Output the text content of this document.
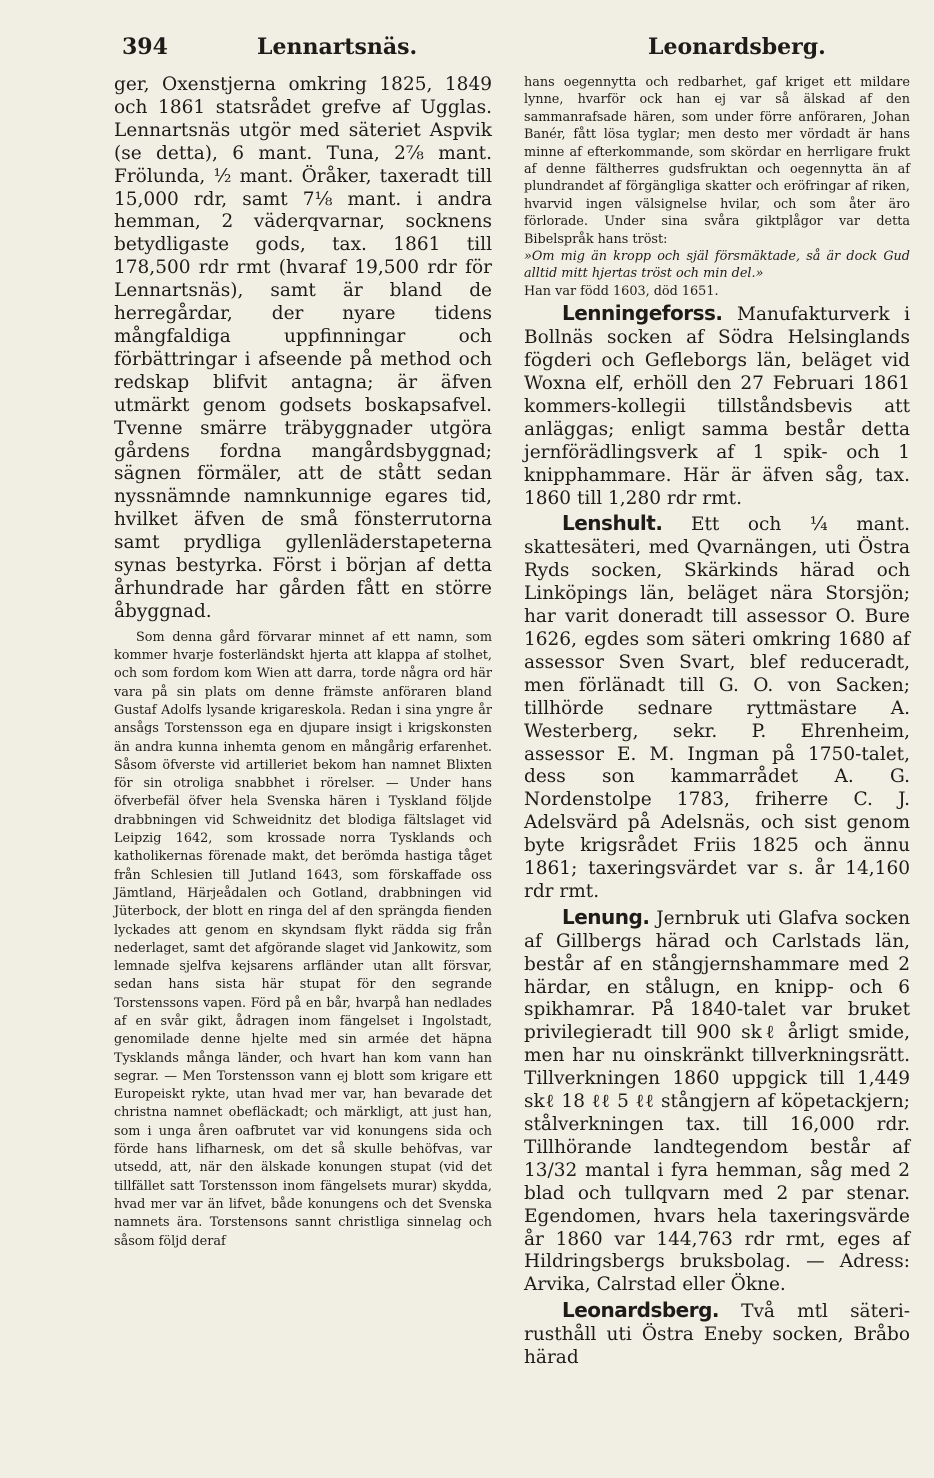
394	Lennartsnäs.	Leonardsberg.

ger, Oxenstjerna omkring 1825, 1849 och 1861 statsrådet grefve af Ugglas. Lennartsnäs utgör med säteriet Aspvik (se detta), 6 mant. Tuna, 2⅞ mant. Frölunda, ½ mant. Öråker, taxeradt till 15,000 rdr, samt 7⅛ mant. i andra hemman, 2 väderqvarnar, socknens betydligaste gods, tax. 1861 till 178,500 rdr rmt (hvaraf 19,500 rdr för Lennartsnäs), samt är bland de herregårdar, der nyare tidens mångfaldiga uppfinningar och förbättringar i afseende på method och redskap blifvit antagna; är äfven utmärkt genom godsets boskapsafvel. Tvenne smärre träbyggnader utgöra gårdens fordna mangårdsbyggnad; sägnen förmäler, att de stått sedan nyssnämnde namnkunnige egares tid, hvilket äfven de små fönsterrutorna samt prydliga gyllenläderstapeterna synas bestyrka. Först i början af detta århundrade har gården fått en större åbyggnad.

Som denna gård förvarar minnet af ett namn, som kommer hvarje fosterländskt hjerta att klappa af stolhet, och som fordom kom Wien att darra, torde några ord här vara på sin plats om denne främste anföraren bland Gustaf Adolfs lysande krigareskola. Redan i sina yngre år ansågs Torstensson ega en djupare insigt i krigskonsten än andra kunna inhemta genom en mångårig erfarenhet. Såsom öfverste vid artilleriet bekom han namnet Blixten för sin otroliga snabbhet i rörelser. — Under hans öfverbefäl öfver hela Svenska hären i Tyskland följde drabbningen vid Schweidnitz det blodiga fältslaget vid Leipzig 1642, som krossade norra Tysklands och katholikernas förenade makt, det berömda hastiga tåget från Schlesien till Jutland 1643, som förskaffade oss Jämtland, Härjeådalen och Gotland, drabbningen vid Jüterbock, der blott en ringa del af den sprängda fienden lyckades att genom en skyndsam flykt rädda sig från nederlaget, samt det afgörande slaget vid Jankowitz, som lemnade sjelfva kejsarens arfländer utan allt försvar, sedan hans sista här stupat för den segrande Torstenssons vapen. Förd på en bår, hvarpå han nedlades af en svår gikt, ådragen inom fängelset i Ingolstadt, genomilade denne hjelte med sin armée det häpna Tysklands många länder, och hvart han kom vann han segrar. — Men Torstensson vann ej blott som krigare ett Europeiskt rykte, utan hvad mer var, han bevarade det christna namnet obefläckadt; och märkligt, att just han, som i unga åren oafbrutet var vid konungens sida och förde hans lifharnesk, om det så skulle behöfvas, var utsedd, att, när den älskade konungen stupat (vid det tillfället satt Torstensson inom fängelsets murar) skydda, hvad mer var än lifvet, både konungens och det Svenska namnets ära. Torstensons sannt christliga sinnelag och såsom följd deraf

hans oegennytta och redbarhet, gaf kriget ett mildare lynne, hvarför ock han ej var så älskad af den sammanrafsade hären, som under förre anföraren, Johan Banér, fått lösa tyglar; men desto mer vördadt är hans minne af efterkommande, som skördar en herrligare frukt af denne fältherres gudsfruktan och oegennytta än af plundrandet af förgängliga skatter och eröfringar af riken, hvarvid ingen välsignelse hvilar, och som åter äro förlorade. Under sina svåra giktplågor var detta Bibelspråk hans tröst:

»Om mig än kropp och själ försmäktade, så är dock Gud alltid mitt hjertas tröst och min del.»

Han var född 1603, död 1651.

Lenningeforss. Manufakturverk i Bollnäs socken af Södra Helsinglands fögderi och Gefleborgs län, beläget vid Woxna elf, erhöll den 27 Februari 1861 kommers-kollegii tillståndsbevis att anläggas; enligt samma består detta jernförädlingsverk af 1 spik- och 1 knipphammare. Här är äfven såg, tax. 1860 till 1,280 rdr rmt.

Lenshult. Ett och ¼ mant. skattesäteri, med Qvarnängen, uti Östra Ryds socken, Skärkinds härad och Linköpings län, beläget nära Storsjön; har varit doneradt till assessor O. Bure 1626, egdes som säteri omkring 1680 af assessor Sven Svart, blef reduceradt, men förlänadt till G. O. von Sacken; tillhörde sednare ryttmästare A. Westerberg, sekr. P. Ehrenheim, assessor E. M. Ingman på 1750-talet, dess son kammarrådet A. G. Nordenstolpe 1783, friherre C. J. Adelsvärd på Adelsnäs, och sist genom byte krigsrådet Friis 1825 och ännu 1861; taxeringsvärdet var s. år 14,160 rdr rmt.

Lenung. Jernbruk uti Glafva socken af Gillbergs härad och Carlstads län, består af en stångjernshammare med 2 härdar, en stålugn, en knipp- och 6 spikhamrar. På 1840-talet var bruket privilegieradt till 900 skℓ årligt smide, men har nu oinskränkt tillverkningsrätt. Tillverkningen 1860 uppgick till 1,449 skℓ 18 ℓℓ 5 ℓℓ stångjern af köpetackjern; stålverkningen tax. till 16,000 rdr. Tillhörande landtegendom består af 13/32 mantal i fyra hemman, såg med 2 blad och tullqvarn med 2 par stenar. Egendomen, hvars hela taxeringsvärde år 1860 var 144,763 rdr rmt, eges af Hildringsbergs bruksbolag. — Adress: Arvika, Calrstad eller Ökne.

Leonardsberg. Två mtl säteri-rusthåll uti Östra Eneby socken, Bråbo härad
